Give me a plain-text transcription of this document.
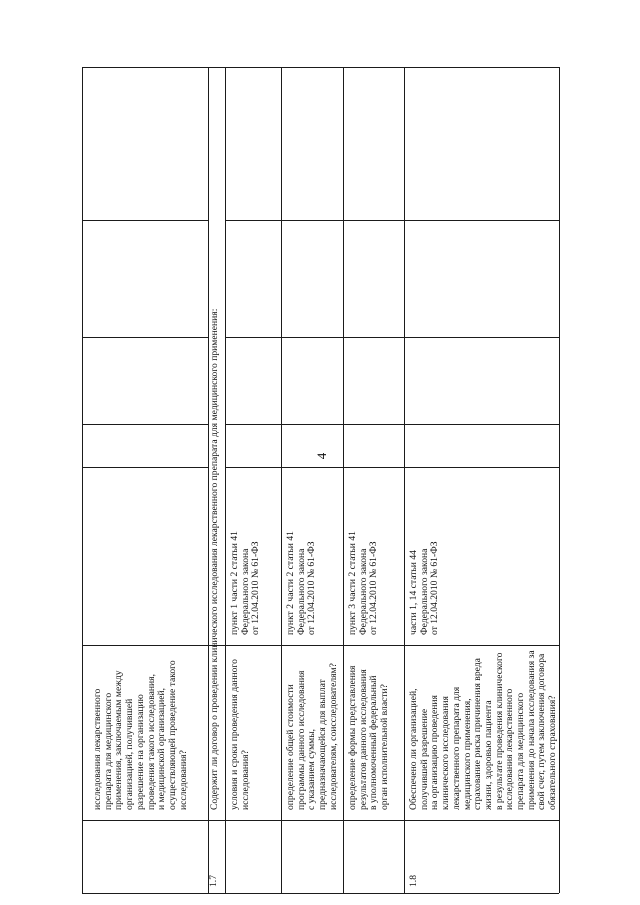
4
исследования лекарственного
препарата для медицинского
применения, заключаемым между
организацией, получившей
разрешение на организацию
проведения такого исследования,
и медицинской организацией,
осуществляющей проведение такого
исследования?
1.7
Содержит ли договор о проведении клинического исследования лекарственного препарата для медицинского применения: условия и сроки проведения данного
исследования?
пункт 1 части 2 статьи 41
Федерального закона
от 12.04.2010 № 61-ФЗ
определение общей стоимости
программы данного исследования
с указанием суммы,
предназначающейся для выплат
исследователям, соисследователям?
пункт 2 части 2 статьи 41
Федерального закона
от 12.04.2010 № 61-ФЗ
определение формы представления
результатов данного исследования
в уполномоченный федеральный
орган исполнительной власти?
пункт 3 части 2 статьи 41
Федерального закона
от 12.04.2010 № 61-ФЗ
1.8
Обеспечено ли организацией,
получившей разрешение
на организацию проведения
клинического исследования
лекарственного препарата для
медицинского применения,
страхование риска причинения вреда
жизни, здоровью пациента
в результате проведения клинического
исследования лекарственного
препарата для медицинского
применения до начала исследования за
свой счет, путем заключения договора
обязательного страхования?
части 1, 14 статьи 44
Федерального закона
от 12.04.2010 № 61-ФЗ
